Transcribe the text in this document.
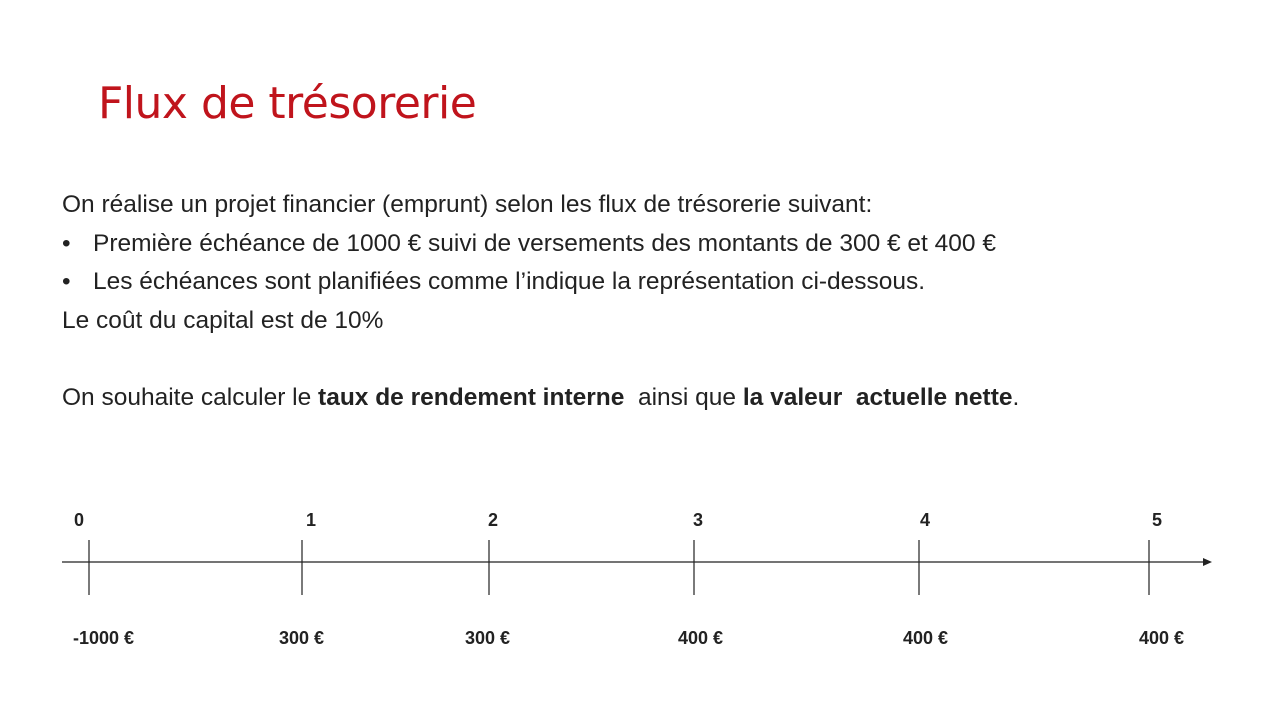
Flux de trésorerie

On réalise un projet financier (emprunt) selon les flux de trésorerie suivant:

• Première échéance de 1000 € suivi de versements des montants de 300 € et 400 €
• Les échéances sont planifiées comme l’indique la représentation ci-dessous.

Le coût du capital est de 10%

On souhaite calculer le taux de rendement interne  ainsi que la valeur  actuelle nette.

0	1	2	3	4	5
-1000 €	300 €	300 €	400 €	400 €	400 €
